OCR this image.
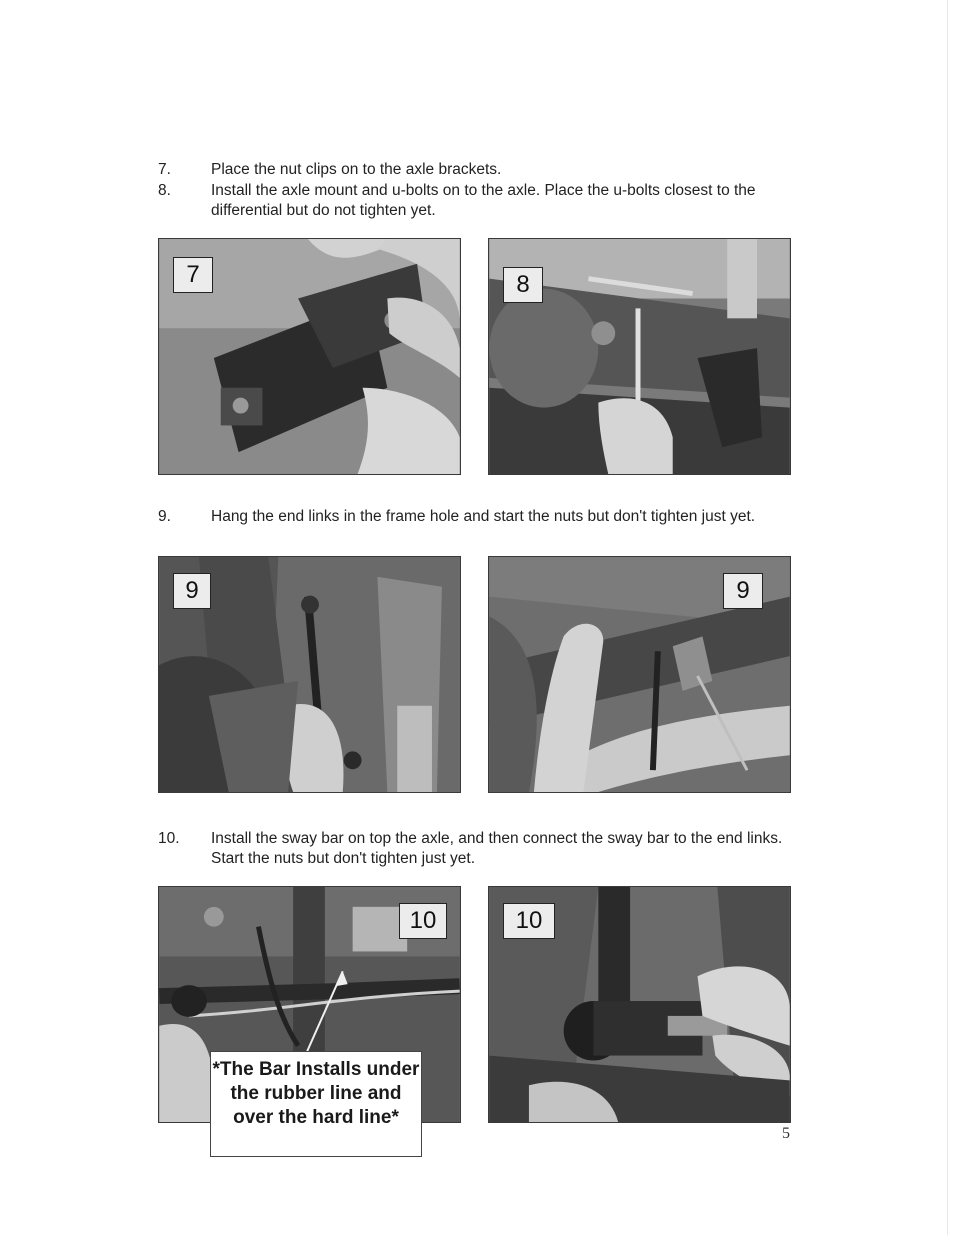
7.	Place the nut clips on to the axle brackets.
8.	Install the axle mount and u-bolts on to the axle. Place the u-bolts closest to the differential but do not tighten yet.
7	8
9.	Hang the end links in the frame hole and start the nuts but don't tighten just yet.
9	9
10.	Install the sway bar on top the axle, and then connect the sway bar to the end links. Start the nuts but don't tighten just yet.
10	10
*The Bar Installs under the rubber line and over the hard line*
5
